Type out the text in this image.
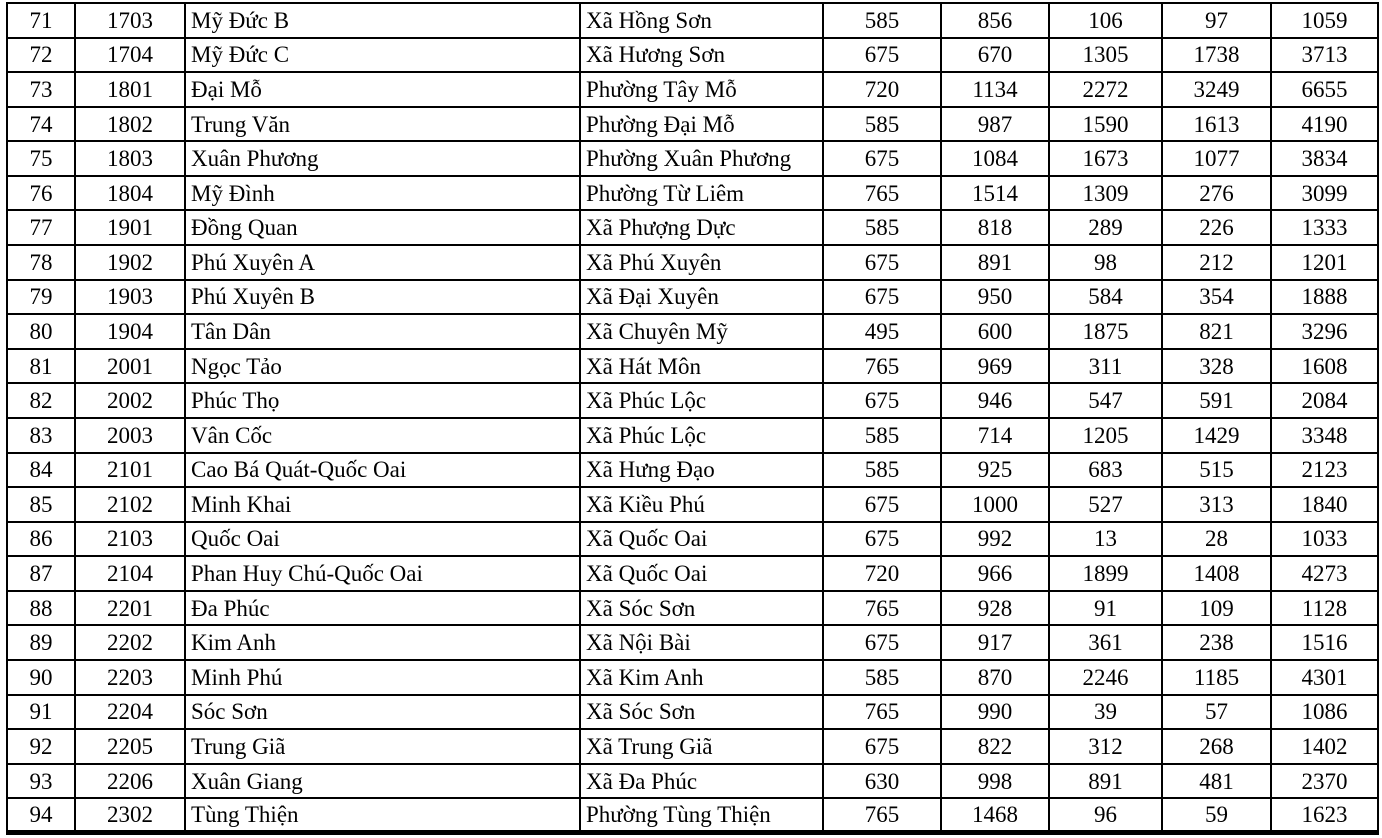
71	1703	Mỹ Đức B	Xã Hồng Sơn	585	856	106	97	1059
72	1704	Mỹ Đức C	Xã Hương Sơn	675	670	1305	1738	3713
73	1801	Đại Mỗ	Phường Tây Mỗ	720	1134	2272	3249	6655
74	1802	Trung Văn	Phường Đại Mỗ	585	987	1590	1613	4190
75	1803	Xuân Phương	Phường Xuân Phương	675	1084	1673	1077	3834
76	1804	Mỹ Đình	Phường Từ Liêm	765	1514	1309	276	3099
77	1901	Đồng Quan	Xã Phượng Dực	585	818	289	226	1333
78	1902	Phú Xuyên A	Xã Phú Xuyên	675	891	98	212	1201
79	1903	Phú Xuyên B	Xã Đại Xuyên	675	950	584	354	1888
80	1904	Tân Dân	Xã Chuyên Mỹ	495	600	1875	821	3296
81	2001	Ngọc Tảo	Xã Hát Môn	765	969	311	328	1608
82	2002	Phúc Thọ	Xã Phúc Lộc	675	946	547	591	2084
83	2003	Vân Cốc	Xã Phúc Lộc	585	714	1205	1429	3348
84	2101	Cao Bá Quát-Quốc Oai	Xã Hưng Đạo	585	925	683	515	2123
85	2102	Minh Khai	Xã Kiều Phú	675	1000	527	313	1840
86	2103	Quốc Oai	Xã Quốc Oai	675	992	13	28	1033
87	2104	Phan Huy Chú-Quốc Oai	Xã Quốc Oai	720	966	1899	1408	4273
88	2201	Đa Phúc	Xã Sóc Sơn	765	928	91	109	1128
89	2202	Kim Anh	Xã Nội Bài	675	917	361	238	1516
90	2203	Minh Phú	Xã Kim Anh	585	870	2246	1185	4301
91	2204	Sóc Sơn	Xã Sóc Sơn	765	990	39	57	1086
92	2205	Trung Giã	Xã Trung Giã	675	822	312	268	1402
93	2206	Xuân Giang	Xã Đa Phúc	630	998	891	481	2370
94	2302	Tùng Thiện	Phường Tùng Thiện	765	1468	96	59	1623
